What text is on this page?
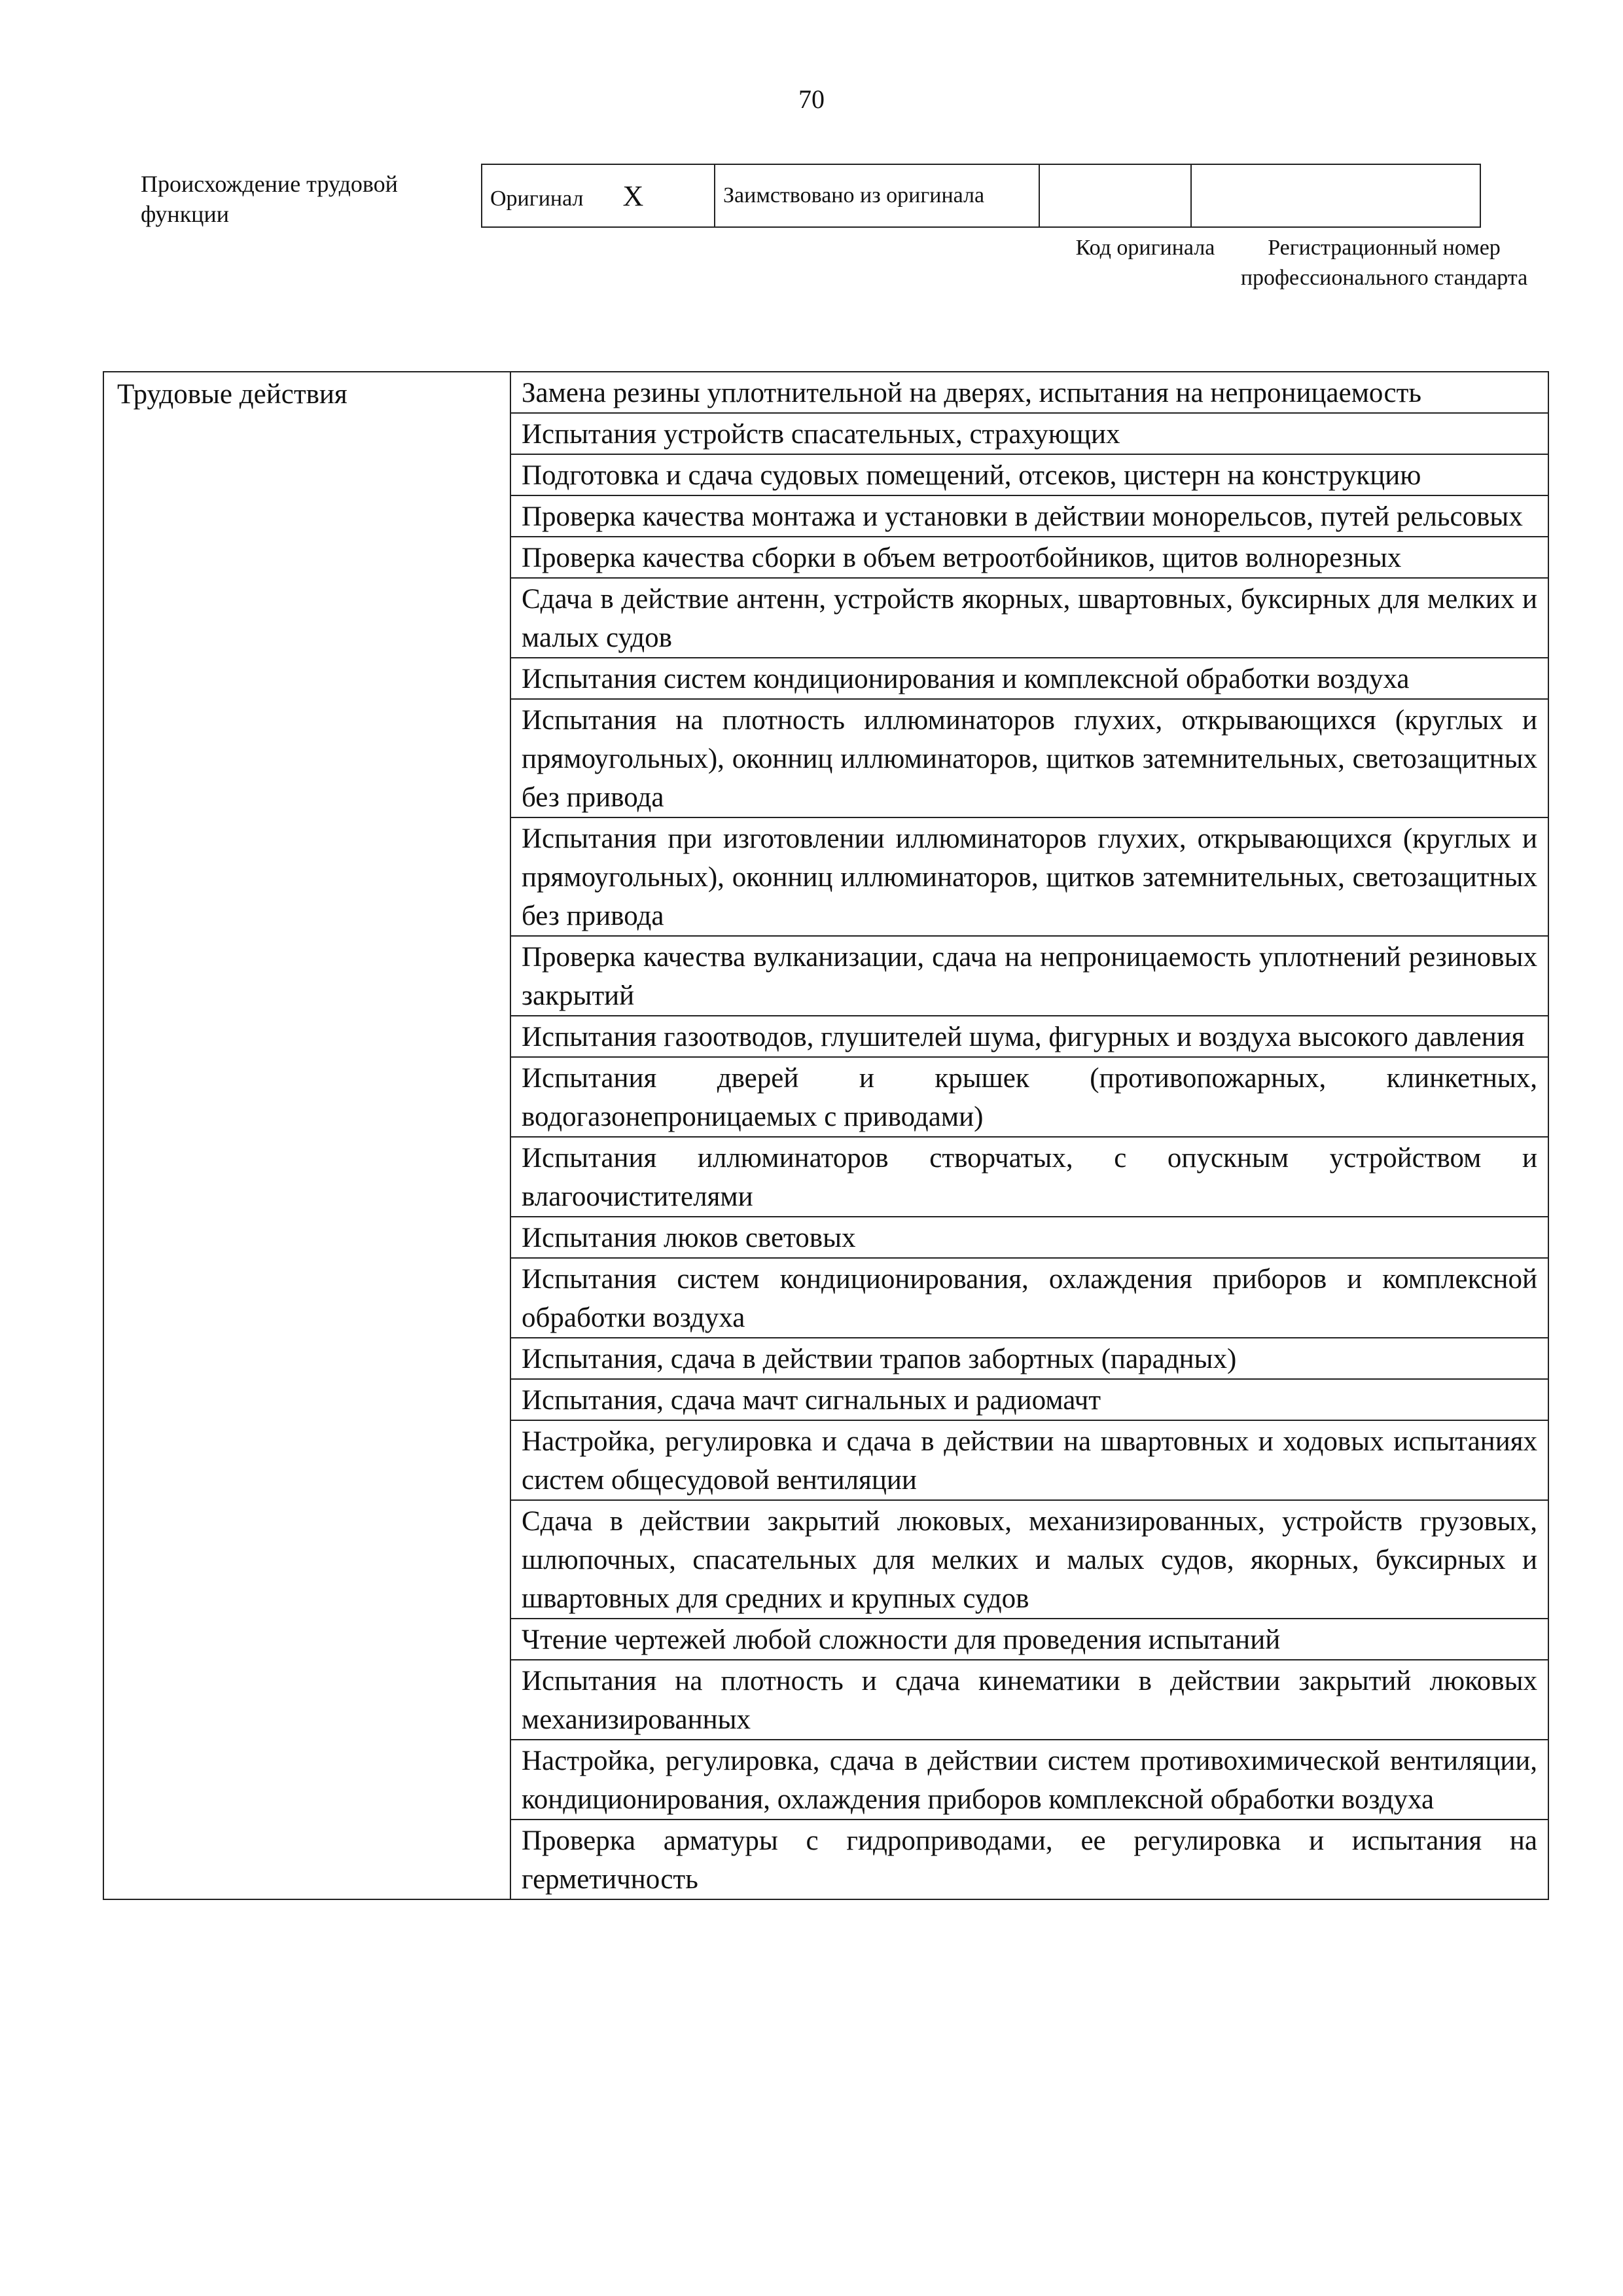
70
Происхождение трудовой функции
Оригинал X	Заимствовано из оригинала		
Код оригинала	Регистрационный номер профессионального стандарта
Трудовые действия	Замена резины уплотнительной на дверях, испытания на непроницаемость
Испытания устройств спасательных, страхующих
Подготовка и сдача судовых помещений, отсеков, цистерн на конструкцию
Проверка качества монтажа и установки в действии монорельсов, путей рельсовых
Проверка качества сборки в объем ветроотбойников, щитов волнорезных
Сдача в действие антенн, устройств якорных, швартовных, буксирных для мелких и малых судов
Испытания систем кондиционирования и комплексной обработки воздуха
Испытания на плотность иллюминаторов глухих, открывающихся (круглых и прямоугольных), оконниц иллюминаторов, щитков затемнительных, светозащитных без привода
Испытания при изготовлении иллюминаторов глухих, открывающихся (круглых и прямоугольных), оконниц иллюминаторов, щитков затемнительных, светозащитных без привода
Проверка качества вулканизации, сдача на непроницаемость уплотнений резиновых закрытий
Испытания газоотводов, глушителей шума, фигурных и воздуха высокого давления
Испытания дверей и крышек (противопожарных, клинкетных, водогазонепроницаемых с приводами)
Испытания иллюминаторов створчатых, с опускным устройством и влагоочистителями
Испытания люков световых
Испытания систем кондиционирования, охлаждения приборов и комплексной обработки воздуха
Испытания, сдача в действии трапов забортных (парадных)
Испытания, сдача мачт сигнальных и радиомачт
Настройка, регулировка и сдача в действии на швартовных и ходовых испытаниях систем общесудовой вентиляции
Сдача в действии закрытий люковых, механизированных, устройств грузовых, шлюпочных, спасательных для мелких и малых судов, якорных, буксирных и швартовных для средних и крупных судов
Чтение чертежей любой сложности для проведения испытаний
Испытания на плотность и сдача кинематики в действии закрытий люковых механизированных
Настройка, регулировка, сдача в действии систем противохимической вентиляции, кондиционирования, охлаждения приборов комплексной обработки воздуха
Проверка арматуры с гидроприводами, ее регулировка и испытания на герметичность
